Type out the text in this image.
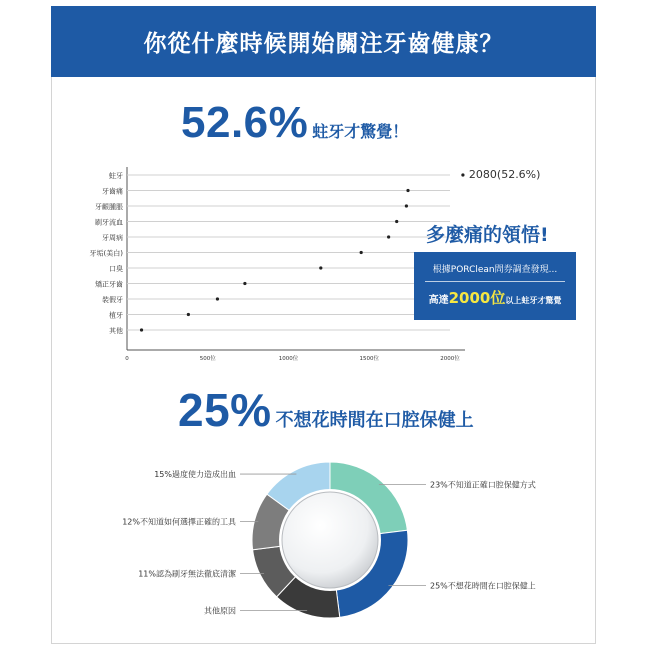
你從什麼時候開始關注牙齒健康？
52.6% 蛀牙才驚覺！
蛀牙
牙齒痛
牙齦腫脹
刷牙流血
牙周病
牙垢(美白)
口臭
矯正牙齒
裝假牙
植牙
其他
0	500位	1000位	1500位	2000位
2080(52.6%)
多麼痛的領悟!
根據PORClean問券調查發現...
高達2000位以上蛀牙才驚覺
25% 不想花時間在口腔保健上
23%不知道正確口腔保健方式
25%不想花時間在口腔保健上
其他原因
11%認為刷牙無法徹底清潔
12%不知道如何選擇正確的工具
15%過度使力造成出血
